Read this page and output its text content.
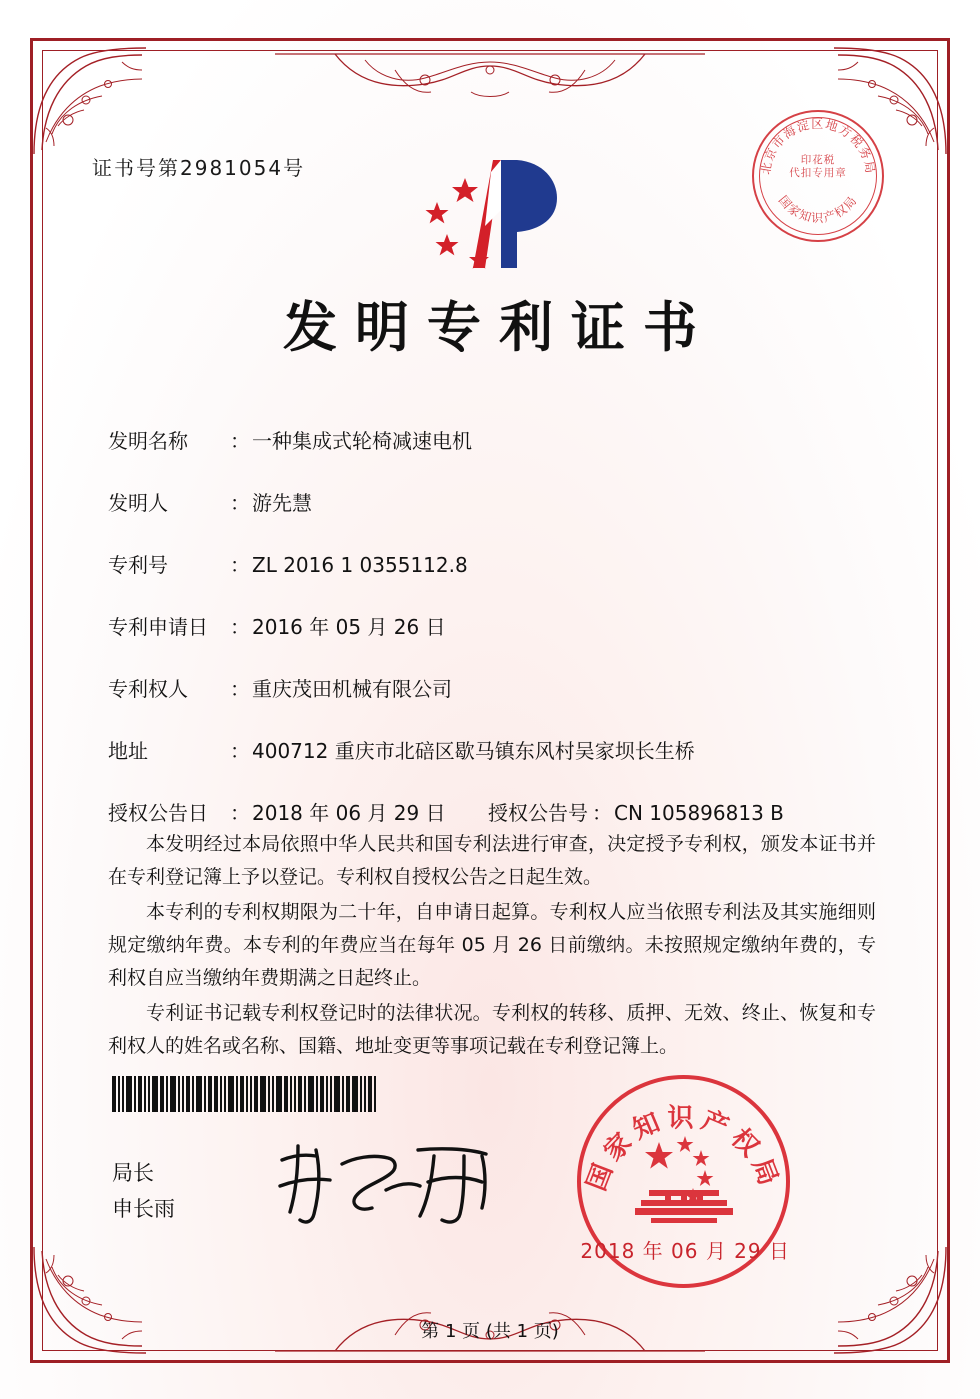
证书号第2981054号	北京市海淀区地方税务局
国家知识产权局
印花税
代扣专用章
发明专利证书
发明名称	： 一种集成式轮椅减速电机
发明人	： 游先慧
专利号	： ZL 2016 1 0355112.8
专利申请日	： 2016 年 05 月 26 日
专利权人	： 重庆茂田机械有限公司
地址	： 400712 重庆市北碚区歇马镇东风村吴家坝长生桥
授权公告日	： 2018 年 06 月 29 日 授权公告号 ： CN 105896813 B

本发明经过本局依照中华人民共和国专利法进行审查，决定授予专利权，颁发本证书并在专利登记簿上予以登记。专利权自授权公告之日起生效。

本专利的专利权期限为二十年，自申请日起算。专利权人应当依照专利法及其实施细则规定缴纳年费。本专利的年费应当在每年 05 月 26 日前缴纳。未按照规定缴纳年费的，专利权自应当缴纳年费期满之日起终止。

专利证书记载专利权登记时的法律状况。专利权的转移、质押、无效、终止、恢复和专利权人的姓名或名称、国籍、地址变更等事项记载在专利登记簿上。

局长
申长雨
国家知识产权局
2018 年 06 月 29 日
第 1 页 (共 1 页)
